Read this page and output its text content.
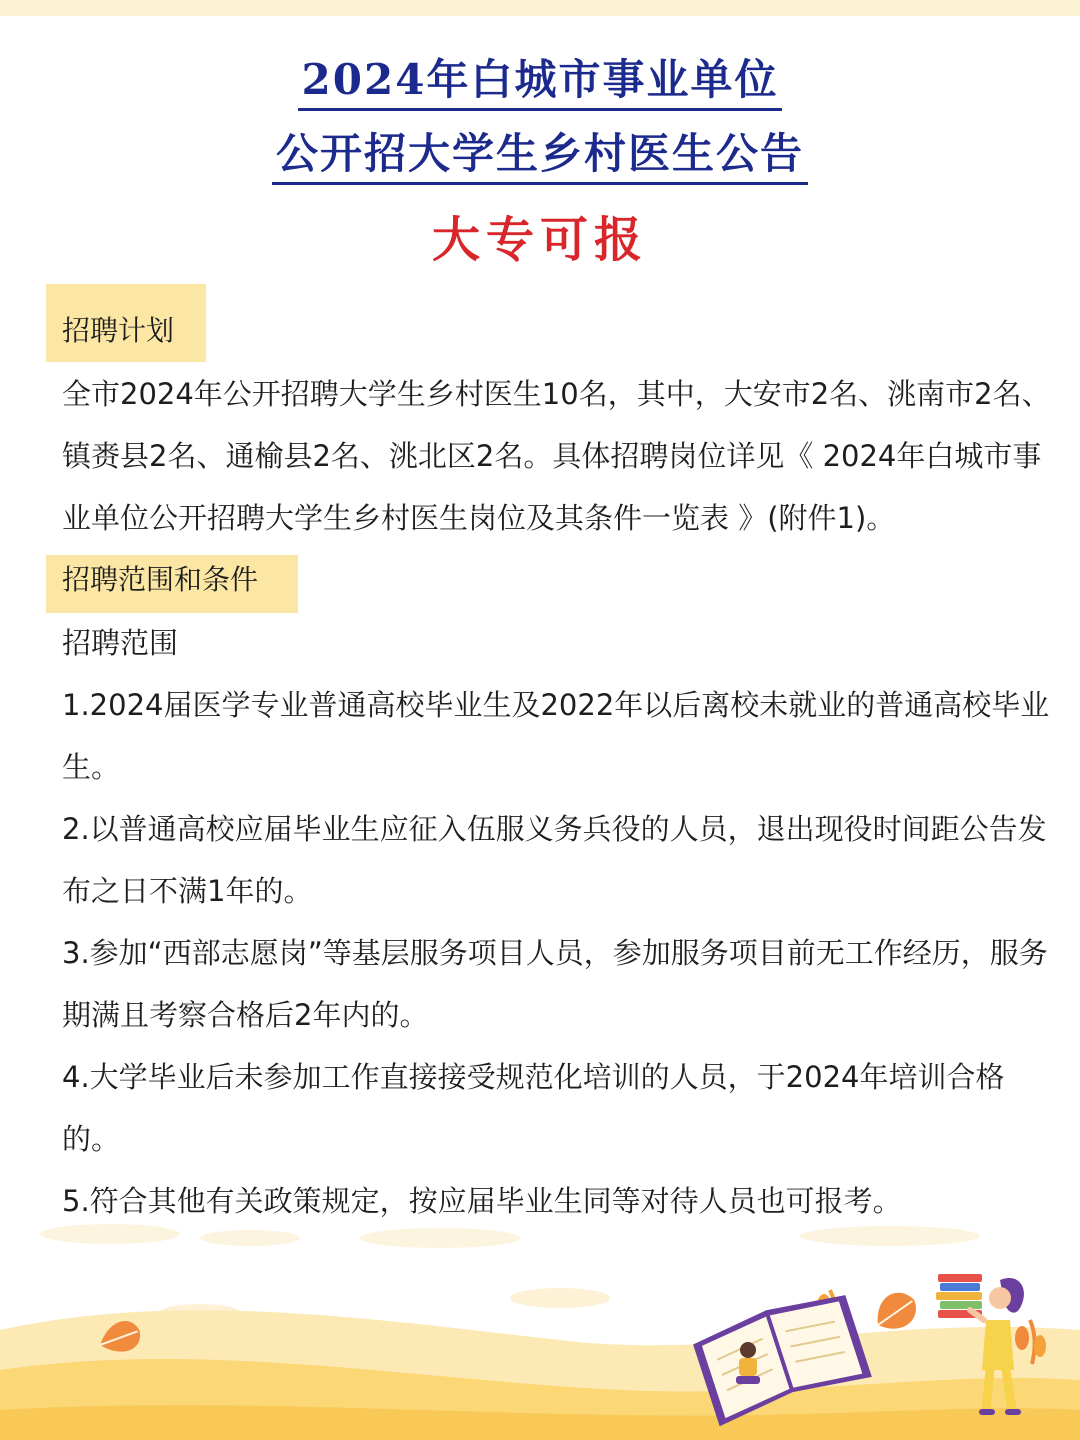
2024年白城市事业单位
公开招大学生乡村医生公告
大专可报
招聘计划

全市2024年公开招聘大学生乡村医生10名，其中，大安市2名、洮南市2名、镇赉县2名、通榆县2名、洮北区2名。具体招聘岗位详见《 2024年白城市事业单位公开招聘大学生乡村医生岗位及其条件一览表 》(附件1)。

招聘范围和条件

招聘范围

1.2024届医学专业普通高校毕业生及2022年以后离校未就业的普通高校毕业生。

2.以普通高校应届毕业生应征入伍服义务兵役的人员，退出现役时间距公告发布之日不满1年的。

3.参加“西部志愿岗”等基层服务项目人员，参加服务项目前无工作经历，服务期满且考察合格后2年内的。

4.大学毕业后未参加工作直接接受规范化培训的人员，于2024年培训合格的。

5.符合其他有关政策规定，按应届毕业生同等对待人员也可报考。
